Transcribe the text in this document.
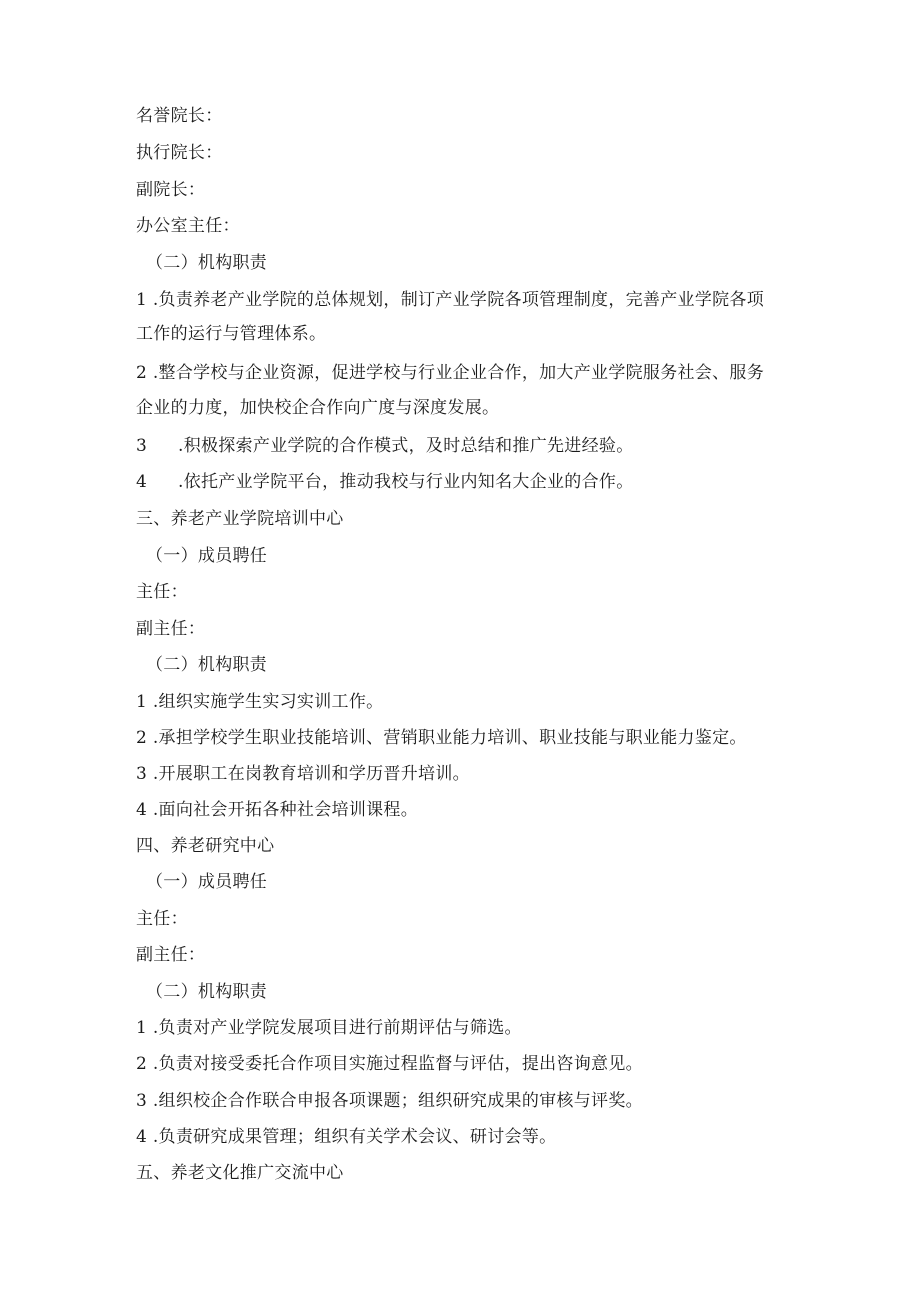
名誉院长：
执行院长：
副院长：
办公室主任：
（二）机构职责
1 .负责养老产业学院的总体规划，制订产业学院各项管理制度，完善产业学院各项
工作的运行与管理体系。
2 .整合学校与企业资源，促进学校与行业企业合作，加大产业学院服务社会、服务
企业的力度，加快校企合作向广度与深度发展。
3 .积极探索产业学院的合作模式，及时总结和推广先进经验。
4 .依托产业学院平台，推动我校与行业内知名大企业的合作。
三、养老产业学院培训中心
（一）成员聘任
主任：
副主任：
（二）机构职责
1 .组织实施学生实习实训工作。
2 .承担学校学生职业技能培训、营销职业能力培训、职业技能与职业能力鉴定。
3 .开展职工在岗教育培训和学历晋升培训。
4 .面向社会开拓各种社会培训课程。
四、养老研究中心
（一）成员聘任
主任：
副主任：
（二）机构职责
1 .负责对产业学院发展项目进行前期评估与筛选。
2 .负责对接受委托合作项目实施过程监督与评估，提出咨询意见。
3 .组织校企合作联合申报各项课题；组织研究成果的审核与评奖。
4 .负责研究成果管理；组织有关学术会议、研讨会等。
五、养老文化推广交流中心
